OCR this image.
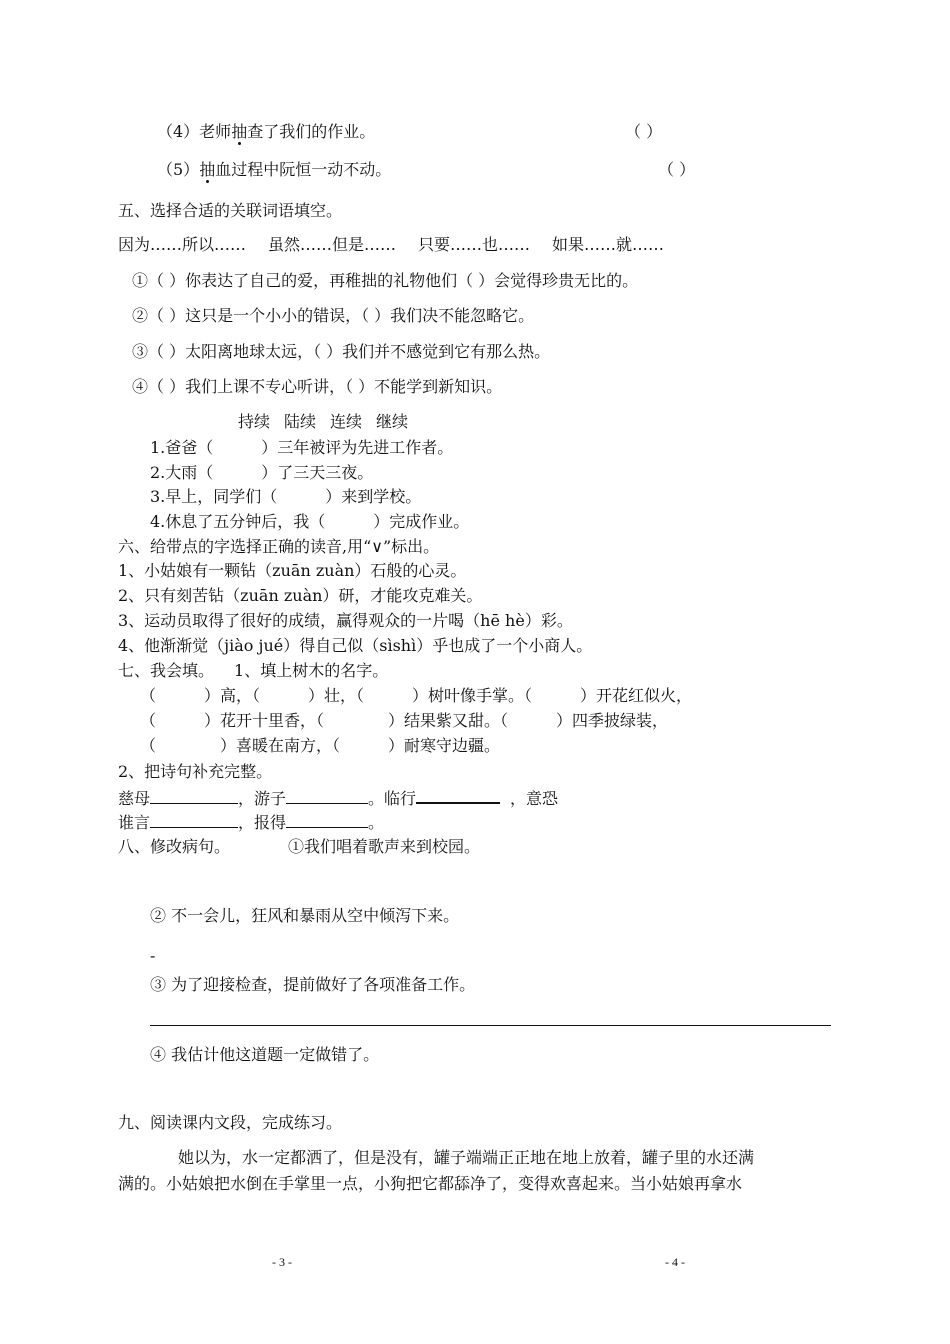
（4）老师抽查了我们的作业。	（ ）
（5）抽血过程中阮恒一动不动。	（ ）
五、选择合适的关联词语填空。
因为……所以…… 虽然……但是…… 只要……也…… 如果……就……
①（ ）你表达了自己的爱，再稚拙的礼物他们（ ）会觉得珍贵无比的。
②（ ）这只是一个小小的错误，（ ）我们决不能忽略它。
③（ ）太阳离地球太远，（ ）我们并不感觉到它有那么热。
④（ ）我们上课不专心听讲，（ ）不能学到新知识。
持续 陆续 连续 继续
1.爸爸（　　　）三年被评为先进工作者。
2.大雨（　　　）了三天三夜。
3.早上，同学们（　　　）来到学校。
4.休息了五分钟后，我（　　　）完成作业。
六、给带点的字选择正确的读音,用“∨”标出。
1、小姑娘有一颗钻（zuān zuàn）石般的心灵。
2、只有刻苦钻（zuān zuàn）研，才能攻克难关。
3、运动员取得了很好的成绩，赢得观众的一片喝（hē hè）彩。
4、他渐渐觉（jiào jué）得自己似（sìshì）乎也成了一个小商人。
七、我会填。 1、填上树木的名字。
（　　　）高，（　　　）壮，（　　　）树叶像手掌。（　　　）开花红似火，
（　　　）花开十里香，（　　　　）结果紫又甜。（　　　）四季披绿装，
（　　　　）喜暖在南方，（　　　）耐寒守边疆。
2、把诗句补充完整。
慈母	，游子	。临行	，意恐
谁言	，报得	。
八、修改病句。	①我们唱着歌声来到校园。
② 不一会儿，狂风和暴雨从空中倾泻下来。
-
③ 为了迎接检查，提前做好了各项准备工作。
④ 我估计他这道题一定做错了。
九、阅读课内文段，完成练习。
她以为，水一定都洒了，但是没有，罐子端端正正地在地上放着，罐子里的水还满
满的。小姑娘把水倒在手掌里一点，小狗把它都舔净了，变得欢喜起来。当小姑娘再拿水
- 3 -	- 4 -
